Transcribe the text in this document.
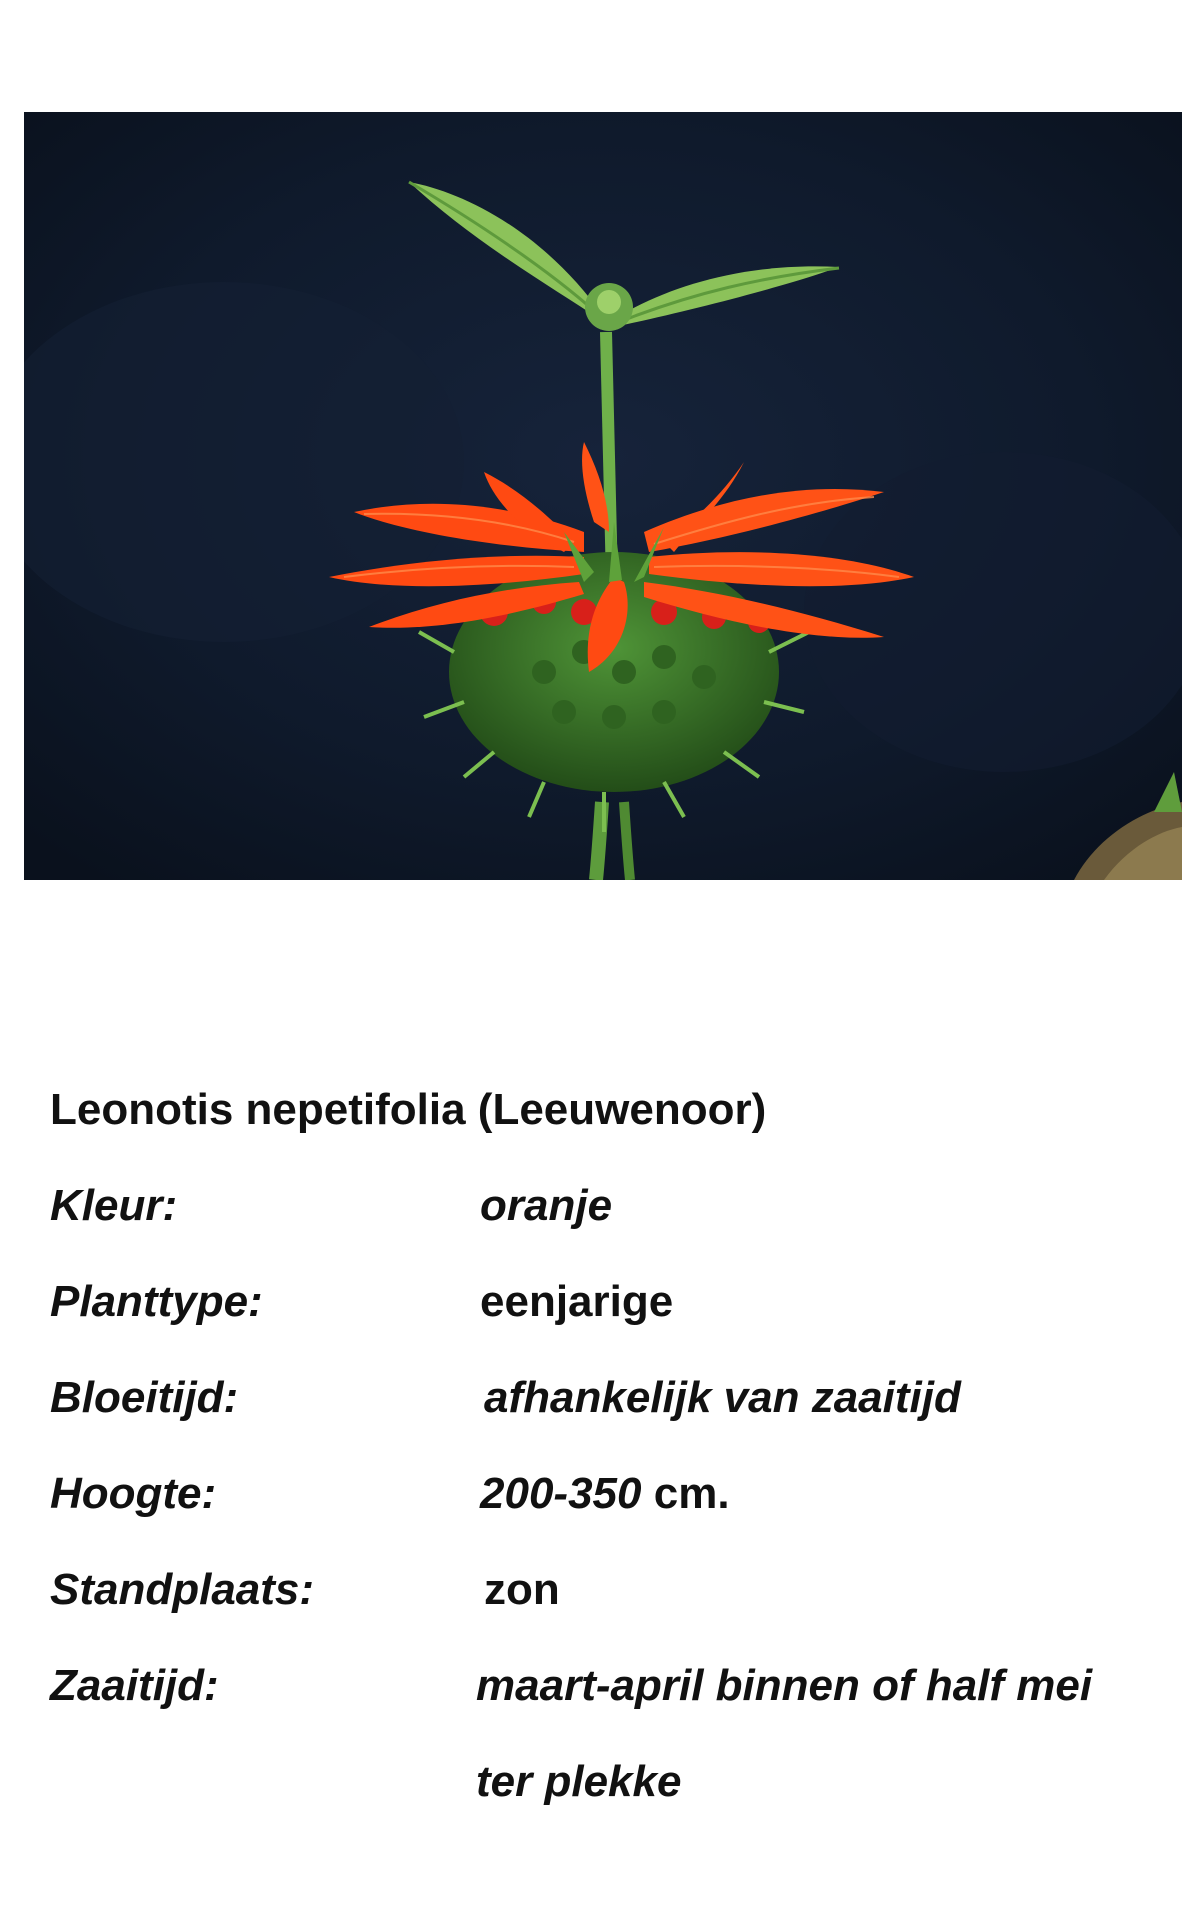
Leonotis nepetifolia (Leeuwenoor)
Kleur:	oranje
Planttype:	eenjarige
Bloeitijd:	afhankelijk van zaaitijd
Hoogte:	200-350 cm.
Standplaats:	zon
Zaaitijd:	maart-april binnen of half mei
ter plekke
